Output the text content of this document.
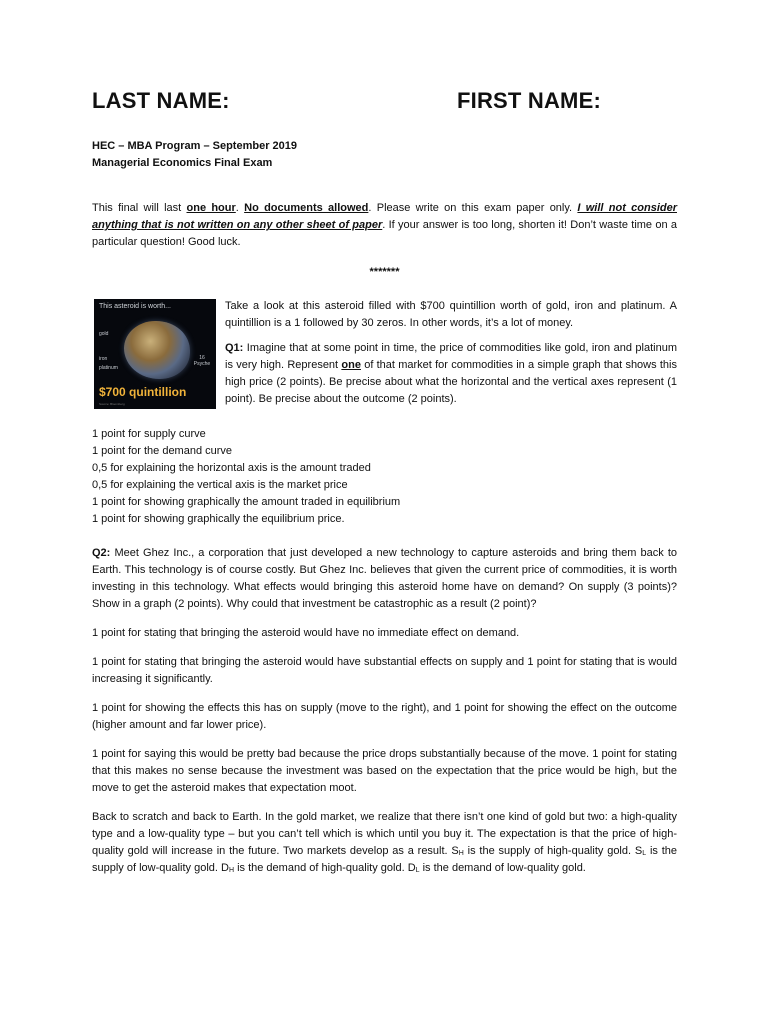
LAST NAME:	FIRST NAME:
HEC – MBA Program – September 2019
Managerial Economics Final Exam

This final will last one hour. No documents allowed. Please write on this exam paper only. I will not consider anything that is not written on any other sheet of paper. If your answer is too long, shorten it! Don’t waste time on a particular question! Good luck.

*******
This asteroid is worth...
gold
iron
platinum
16 Psyche
$700 quintillion
Source: Bloomberg

Take a look at this asteroid filled with $700 quintillion worth of gold, iron and platinum. A quintillion is a 1 followed by 30 zeros. In other words, it’s a lot of money.

Q1: Imagine that at some point in time, the price of commodities like gold, iron and platinum is very high. Represent one of that market for commodities in a simple graph that shows this high price (2 points). Be precise about what the horizontal and the vertical axes represent (1 point). Be precise about the outcome (2 points).

1 point for supply curve

1 point for the demand curve

0,5 for explaining the horizontal axis is the amount traded

0,5 for explaining the vertical axis is the market price

1 point for showing graphically the amount traded in equilibrium

1 point for showing graphically the equilibrium price.

Q2: Meet Ghez Inc., a corporation that just developed a new technology to capture asteroids and bring them back to Earth. This technology is of course costly. But Ghez Inc. believes that given the current price of commodities, it is worth investing in this technology. What effects would bringing this asteroid home have on demand? On supply (3 points)? Show in a graph (2 points). Why could that investment be catastrophic as a result (2 point)?

1 point for stating that bringing the asteroid would have no immediate effect on demand.

1 point for stating that bringing the asteroid would have substantial effects on supply and 1 point for stating that is would increasing it significantly.

1 point for showing the effects this has on supply (move to the right), and 1 point for showing the effect on the outcome (higher amount and far lower price).

1 point for saying this would be pretty bad because the price drops substantially because of the move. 1 point for stating that this makes no sense because the investment was based on the expectation that the price would be high, but the move to get the asteroid makes that expectation moot.

Back to scratch and back to Earth. In the gold market, we realize that there isn’t one kind of gold but two: a high-quality type and a low-quality type – but you can’t tell which is which until you buy it. The expectation is that the price of high-quality gold will increase in the future. Two markets develop as a result. $S_H$ is the supply of high-quality gold. $S_L$ is the supply of low-quality gold. $D_H$ is the demand of high-quality gold. $D_L$ is the demand of low-quality gold.
